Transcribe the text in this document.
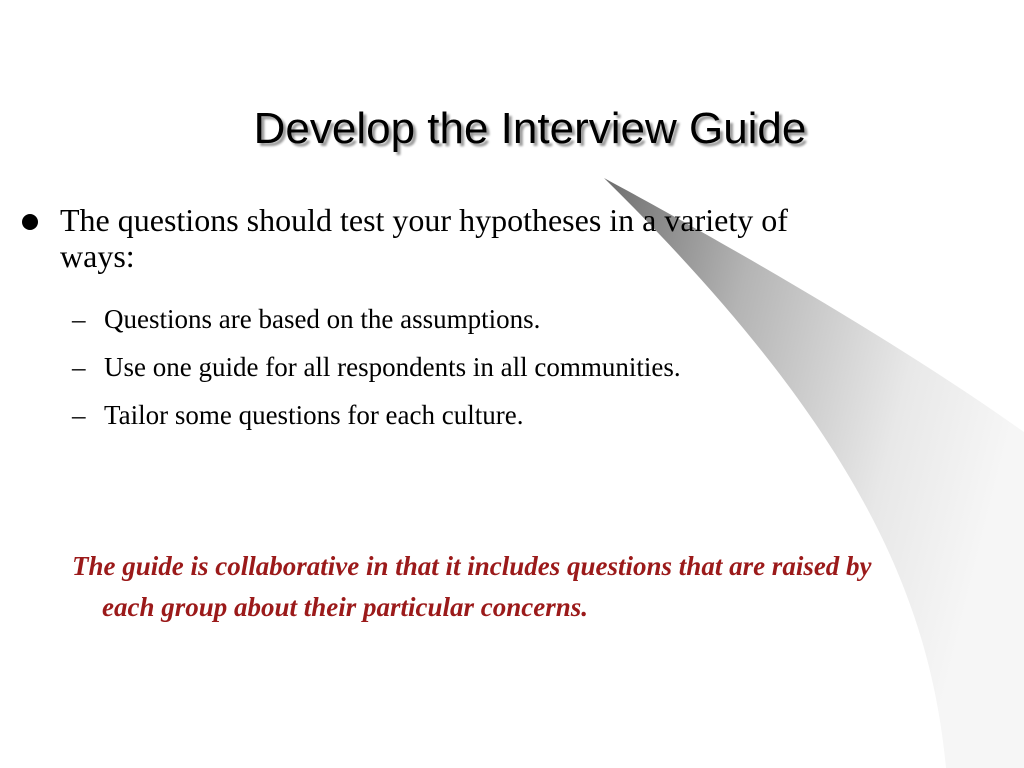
Develop the Interview Guide
The questions should test your hypotheses in a variety of ways:
– Questions are based on the assumptions.
– Use one guide for all respondents in all communities.
– Tailor some questions for each culture.
The guide is collaborative in that it includes questions that are raised by each group about their particular concerns.
